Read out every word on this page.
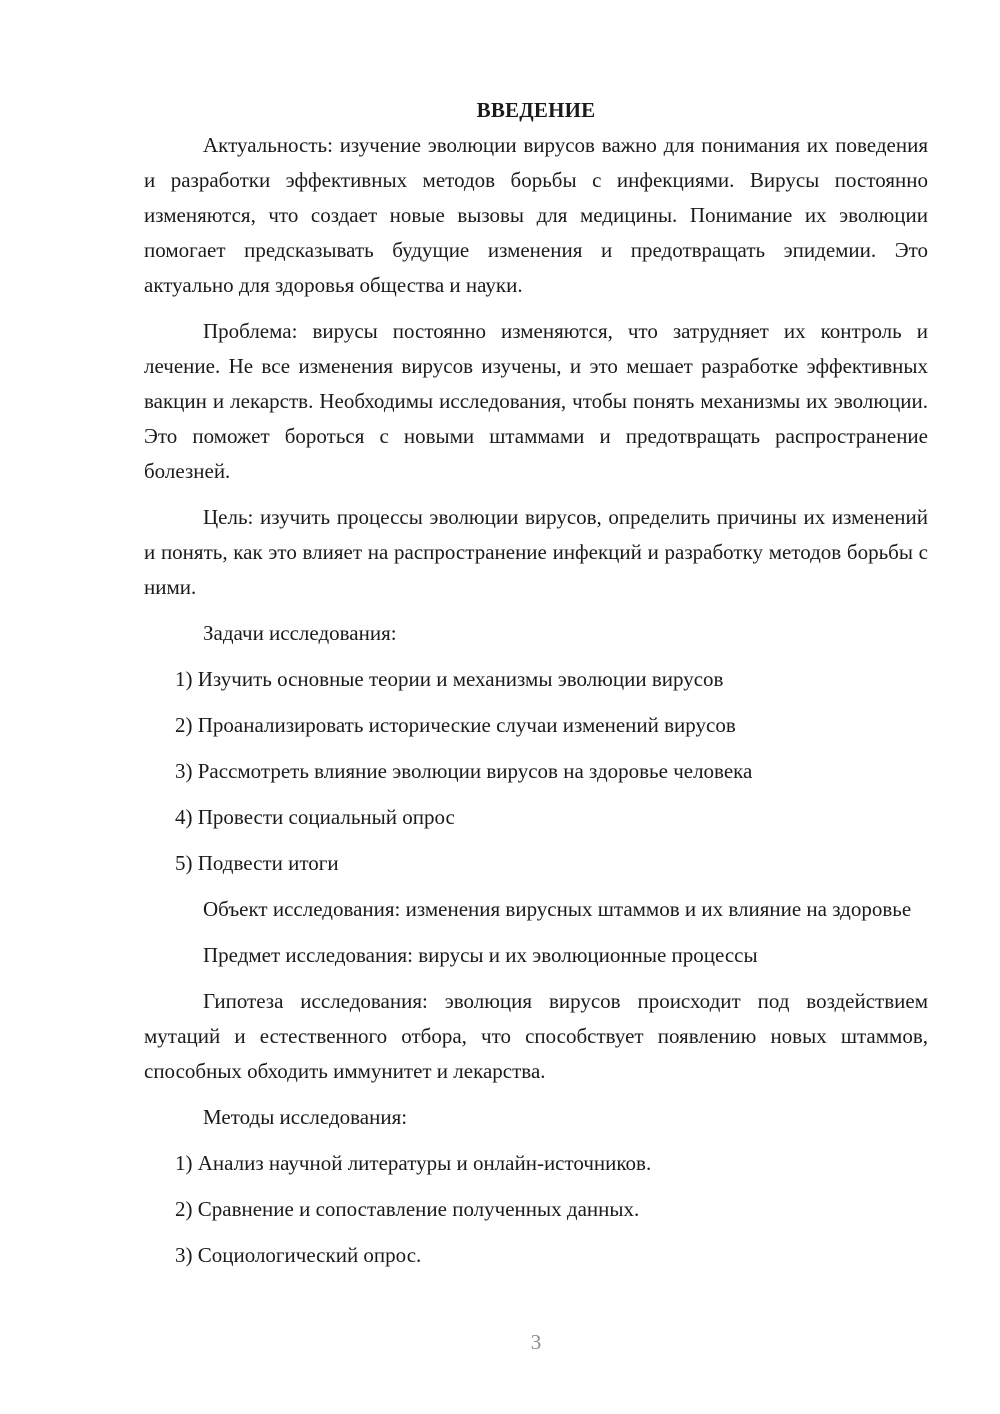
ВВЕДЕНИЕ

Актуальность: изучение эволюции вирусов важно для понимания их поведения и разработки эффективных методов борьбы с инфекциями. Вирусы постоянно изменяются, что создает новые вызовы для медицины. Понимание их эволюции помогает предсказывать будущие изменения и предотвращать эпидемии. Это актуально для здоровья общества и науки.

Проблема: вирусы постоянно изменяются, что затрудняет их контроль и лечение. Не все изменения вирусов изучены, и это мешает разработке эффективных вакцин и лекарств. Необходимы исследования, чтобы понять механизмы их эволюции. Это поможет бороться с новыми штаммами и предотвращать распространение болезней.

Цель: изучить процессы эволюции вирусов, определить причины их изменений и понять, как это влияет на распространение инфекций и разработку методов борьбы с ними.

Задачи исследования:

1) Изучить основные теории и механизмы эволюции вирусов
2) Проанализировать исторические случаи изменений вирусов
3) Рассмотреть влияние эволюции вирусов на здоровье человека
4) Провести социальный опрос
5) Подвести итоги

Объект исследования: изменения вирусных штаммов и их влияние на здоровье

Предмет исследования: вирусы и их эволюционные процессы

Гипотеза исследования: эволюция вирусов происходит под воздействием мутаций и естественного отбора, что способствует появлению новых штаммов, способных обходить иммунитет и лекарства.

Методы исследования:

1) Анализ научной литературы и онлайн-источников.
2) Сравнение и сопоставление полученных данных.
3) Социологический опрос.
3
